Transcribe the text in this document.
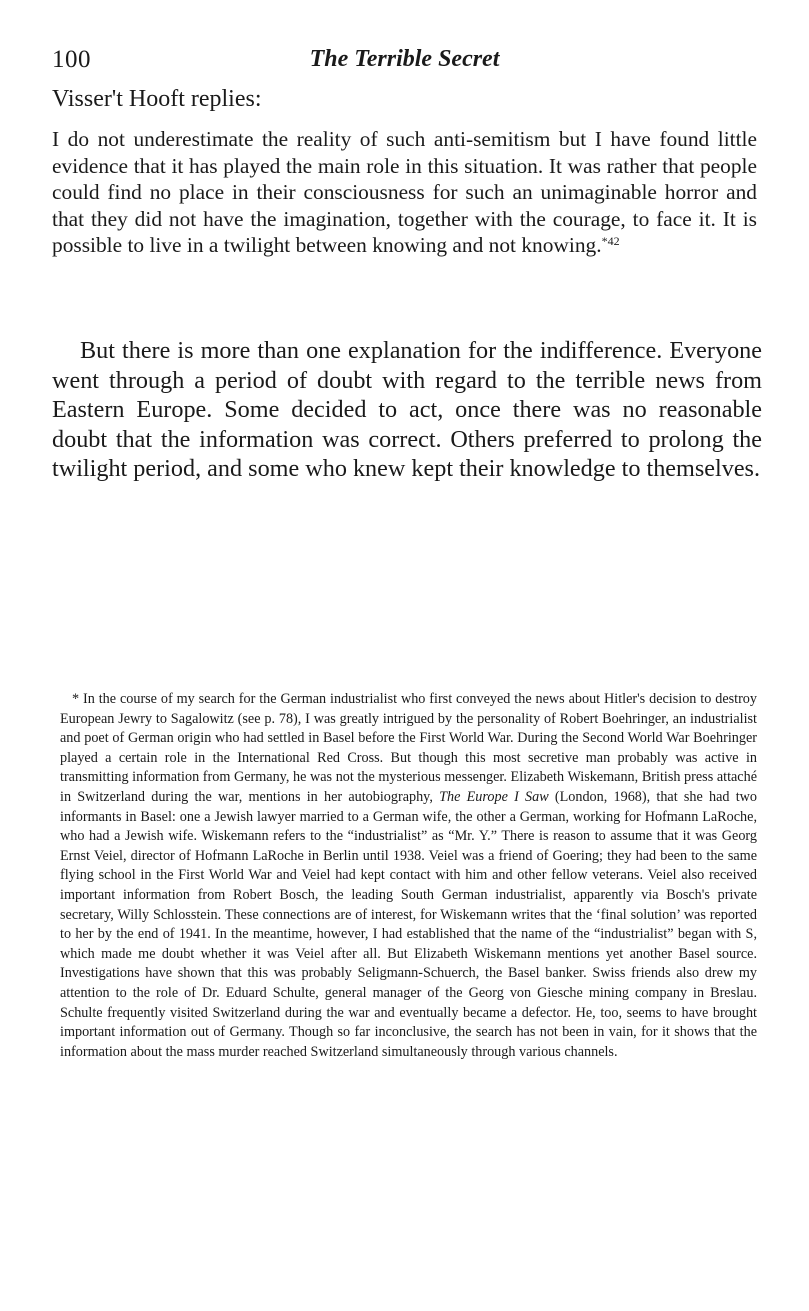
100	The Terrible Secret
Visser't Hooft replies:

I do not underestimate the reality of such anti-semitism but I have found little evidence that it has played the main role in this situation. It was rather that people could find no place in their consciousness for such an unimaginable horror and that they did not have the imagination, together with the courage, to face it. It is possible to live in a twilight between knowing and not knowing.$^{*42}$

But there is more than one explanation for the indifference. Everyone went through a period of doubt with regard to the terrible news from Eastern Europe. Some decided to act, once there was no reasonable doubt that the information was correct. Others preferred to prolong the twilight period, and some who knew kept their knowledge to themselves.

* In the course of my search for the German industrialist who first conveyed the news about Hitler's decision to destroy European Jewry to Sagalowitz (see p. 78), I was greatly intrigued by the personality of Robert Boehringer, an industrialist and poet of German origin who had settled in Basel before the First World War. During the Second World War Boehringer played a certain role in the International Red Cross. But though this most secretive man probably was active in transmitting information from Germany, he was not the mysterious messenger. Elizabeth Wiskemann, British press attaché in Switzerland during the war, mentions in her autobiography, The Europe I Saw (London, 1968), that she had two informants in Basel: one a Jewish lawyer married to a German wife, the other a German, working for Hofmann LaRoche, who had a Jewish wife. Wiskemann refers to the “industrialist” as “Mr. Y.” There is reason to assume that it was Georg Ernst Veiel, director of Hofmann LaRoche in Berlin until 1938. Veiel was a friend of Goering; they had been to the same flying school in the First World War and Veiel had kept contact with him and other fellow veterans. Veiel also received important information from Robert Bosch, the leading South German industrialist, apparently via Bosch's private secretary, Willy Schlosstein. These connections are of interest, for Wiskemann writes that the ‘final solution’ was reported to her by the end of 1941. In the meantime, however, I had established that the name of the “industrialist” began with S, which made me doubt whether it was Veiel after all. But Elizabeth Wiskemann mentions yet another Basel source. Investigations have shown that this was probably Seligmann-Schuerch, the Basel banker. Swiss friends also drew my attention to the role of Dr. Eduard Schulte, general manager of the Georg von Giesche mining company in Breslau. Schulte frequently visited Switzerland during the war and eventually became a defector. He, too, seems to have brought important information out of Germany. Though so far inconclusive, the search has not been in vain, for it shows that the information about the mass murder reached Switzerland simultaneously through various channels.
